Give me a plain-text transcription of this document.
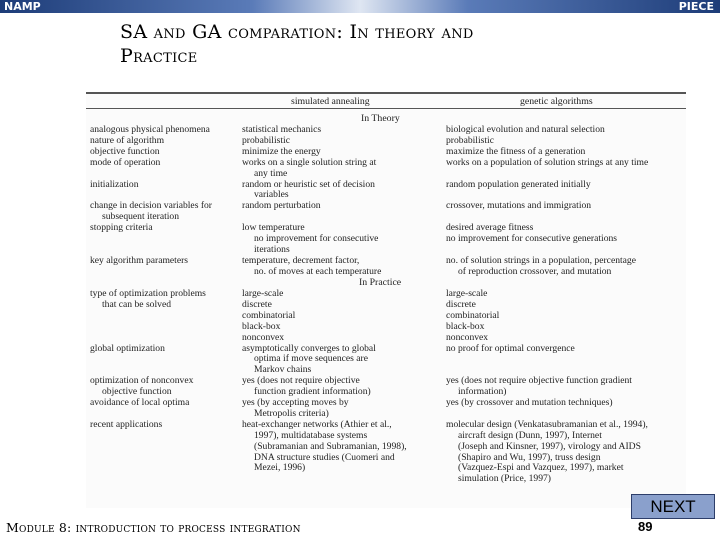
NAMP	PIECE
SA and GA comparation: In theory and
Practice
simulated annealing	genetic algorithms
In Theory
In Practice
analogous physical phenomena
nature of algorithm
objective function
mode of operation
initialization
change in decision variables for
subsequent iteration
stopping criteria
key algorithm parameters
type of optimization problems
that can be solved
global optimization
optimization of nonconvex
objective function
avoidance of local optima
recent applications
statistical mechanics
probabilistic
minimize the energy
works on a single solution string at
any time
random or heuristic set of decision
variables
random perturbation
low temperature
no improvement for consecutive
iterations
temperature, decrement factor,
no. of moves at each temperature
large-scale
discrete
combinatorial
black-box
nonconvex
asymptotically converges to global
optima if move sequences are
Markov chains
yes (does not require objective
function gradient information)
yes (by accepting moves by
Metropolis criteria)
heat-exchanger networks (Athier et al.,
1997), multidatabase systems
(Subramanian and Subramanian, 1998),
DNA structure studies (Cuomeri and
Mezei, 1996)
biological evolution and natural selection
probabilistic
maximize the fitness of a generation
works on a population of solution strings at any time
random population generated initially
crossover, mutations and immigration
desired average fitness
no improvement for consecutive generations
no. of solution strings in a population, percentage
of reproduction crossover, and mutation
large-scale
discrete
combinatorial
black-box
nonconvex
no proof for optimal convergence
yes (does not require objective function gradient
information)
yes (by crossover and mutation techniques)
molecular design (Venkatasubramanian et al., 1994),
aircraft design (Dunn, 1997), Internet
(Joseph and Kinsner, 1997), virology and AIDS
(Shapiro and Wu, 1997), truss design
(Vazquez-Espi and Vazquez, 1997), market
simulation (Price, 1997)
Module 8: introduction to process integration
NEXT
89
